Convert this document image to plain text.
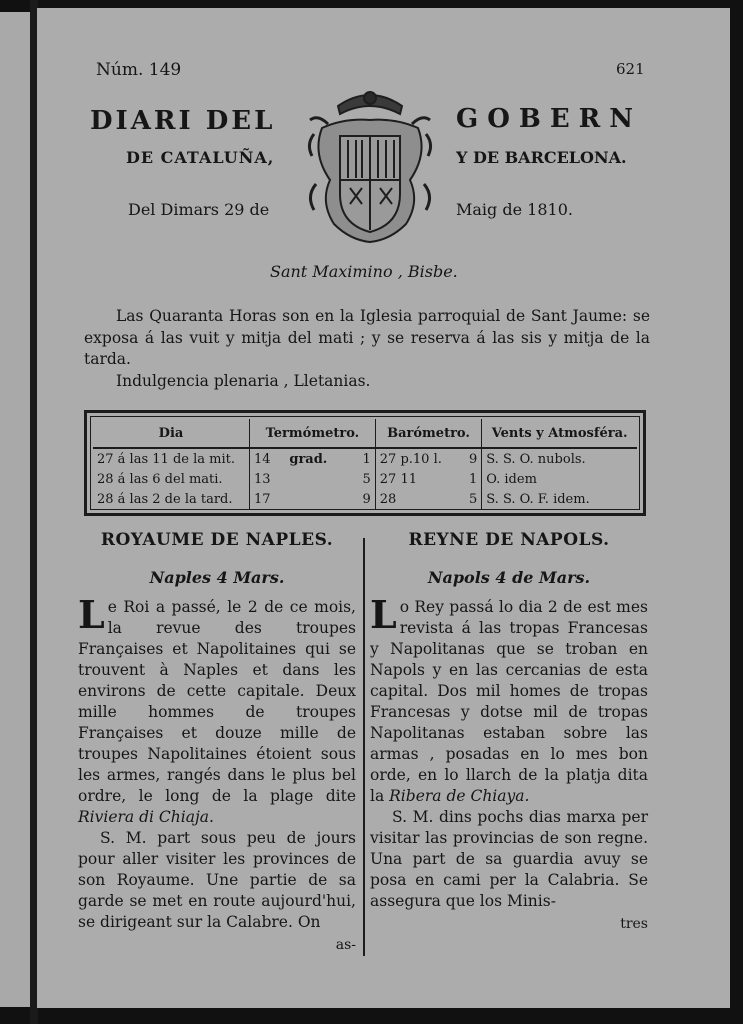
Núm. 149	621
DIARI DEL	GOBERN
DE CATALUÑA,	Y DE BARCELONA.
Del Dimars 29 de	Maig de 1810.
Sant Maximino , Bisbe.

Las Quaranta Horas son en la Iglesia parroquial de Sant Jaume: se exposa á las vuit y mitja del mati ; y se reserva á las sis y mitja de la tarda.

Indulgencia plenaria , Lletanias.

Dia	Termómetro.			Barómetro.		Vents y Atmosféra.
27 á las 11 de la mit.	14	grad.	1	27 p.10 l.	9	S. S. O. nubols.
28 á las 6 del mati.	13		5	27 11	1	O. idem
28 á las 2 de la tard.	17		9	28	5	S. S. O. F. idem.
ROYAUME DE NAPLES.
Naples 4 Mars.

Le Roi a passé, le 2 de ce mois, la revue des troupes Françaises et Napolitaines qui se trouvent à Naples et dans les environs de cette capitale. Deux mille hommes de troupes Françaises et douze mille de troupes Napolitaines étoient sous les armes, rangés dans le plus bel ordre, le long de la plage dite Riviera di Chiaja.

S. M. part sous peu de jours pour aller visiter les provinces de son Royaume. Une partie de sa garde se met en route aujourd'hui, se dirigeant sur la Calabre. On

as-
REYNE DE NAPOLS.
Napols 4 de Mars.

Lo Rey passá lo dia 2 de est mes revista á las tropas Francesas y Napolitanas que se troban en Napols y en las cercanias de esta capital. Dos mil homes de tropas Francesas y dotse mil de tropas Napolitanas estaban sobre las armas , posadas en lo mes bon orde, en lo llarch de la platja dita la Ribera de Chiaya.

S. M. dins pochs dias marxa per visitar las provincias de son regne. Una part de sa guardia avuy se posa en cami per la Calabria. Se assegura que los Minis-

tres
